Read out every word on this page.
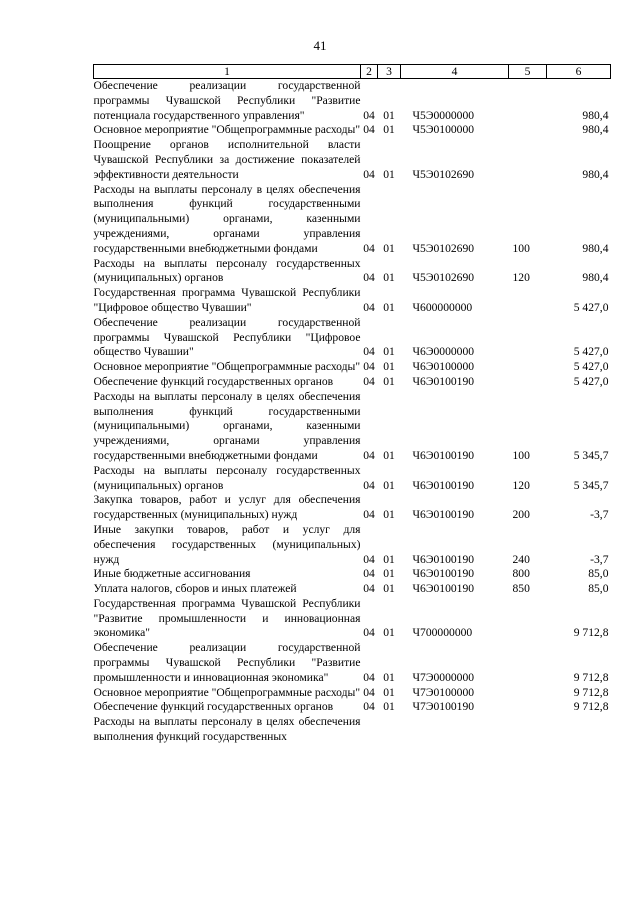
41
1	2	3	4	5	6
Обеспечение реализации государственной программы Чувашской Республики "Развитие потенциала государственного управления"	04	01	Ч5Э0000000		980,4
Основное мероприятие "Общепрограммные расходы"	04	01	Ч5Э0100000		980,4
Поощрение органов исполнительной власти Чувашской Республики за достижение показателей эффективности деятельности	04	01	Ч5Э0102690		980,4
Расходы на выплаты персоналу в целях обеспечения выполнения функций государственными (муниципальными) органами, казенными учреждениями, органами управления государственными внебюджетными фондами	04	01	Ч5Э0102690	100	980,4
Расходы на выплаты персоналу государственных (муниципальных) органов	04	01	Ч5Э0102690	120	980,4
Государственная программа Чувашской Республики "Цифровое общество Чувашии"	04	01	Ч600000000		5 427,0
Обеспечение реализации государственной программы Чувашской Республики "Цифровое общество Чувашии"	04	01	Ч6Э0000000		5 427,0
Основное мероприятие "Общепрограммные расходы"	04	01	Ч6Э0100000		5 427,0
Обеспечение функций государственных органов	04	01	Ч6Э0100190		5 427,0
Расходы на выплаты персоналу в целях обеспечения выполнения функций государственными (муниципальными) органами, казенными учреждениями, органами управления государственными внебюджетными фондами	04	01	Ч6Э0100190	100	5 345,7
Расходы на выплаты персоналу государственных (муниципальных) органов	04	01	Ч6Э0100190	120	5 345,7
Закупка товаров, работ и услуг для обеспечения государственных (муниципальных) нужд	04	01	Ч6Э0100190	200	-3,7
Иные закупки товаров, работ и услуг для обеспечения государственных (муниципальных) нужд	04	01	Ч6Э0100190	240	-3,7
Иные бюджетные ассигнования	04	01	Ч6Э0100190	800	85,0
Уплата налогов, сборов и иных платежей	04	01	Ч6Э0100190	850	85,0
Государственная программа Чувашской Республики "Развитие промышленности и инновационная экономика"	04	01	Ч700000000		9 712,8
Обеспечение реализации государственной программы Чувашской Республики "Развитие промышленности и инновационная экономика"	04	01	Ч7Э0000000		9 712,8
Основное мероприятие "Общепрограммные расходы"	04	01	Ч7Э0100000		9 712,8
Обеспечение функций государственных органов	04	01	Ч7Э0100190		9 712,8
Расходы на выплаты персоналу в целях обеспечения выполнения функций государственных					
